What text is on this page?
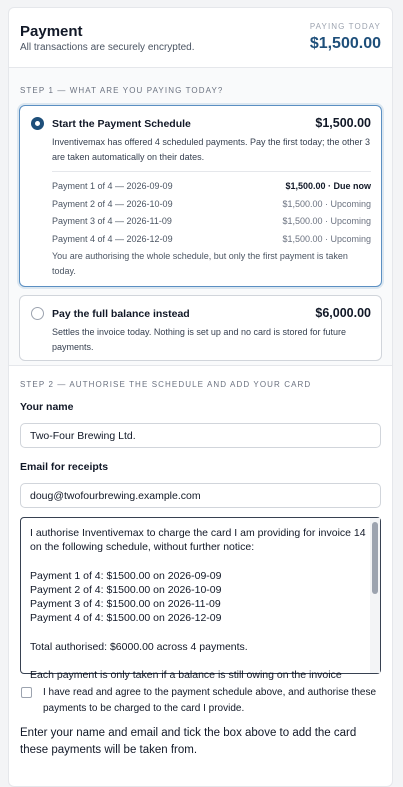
Payment
All transactions are securely encrypted.
PAYING TODAY
$1,500.00
STEP 1 — WHAT ARE YOU PAYING TODAY?
Start the Payment Schedule	$1,500.00
Inventivemax has offered 4 scheduled payments. Pay the first today; the other 3 are taken automatically on their dates.
Payment 1 of 4 — 2026-09-09	$1,500.00 · Due now
Payment 2 of 4 — 2026-10-09	$1,500.00 · Upcoming
Payment 3 of 4 — 2026-11-09	$1,500.00 · Upcoming
Payment 4 of 4 — 2026-12-09	$1,500.00 · Upcoming
You are authorising the whole schedule, but only the first payment is taken today.
Pay the full balance instead	$6,000.00
Settles the invoice today. Nothing is set up and no card is stored for future payments.
STEP 2 — AUTHORISE THE SCHEDULE AND ADD YOUR CARD
Your name
Two-Four Brewing Ltd.
Email for receipts
doug@twofourbrewing.example.com
I authorise Inventivemax to charge the card I am providing for invoice 14 on the following schedule, without further notice:

Payment 1 of 4: $1500.00 on 2026-09-09
Payment 2 of 4: $1500.00 on 2026-10-09
Payment 3 of 4: $1500.00 on 2026-11-09
Payment 4 of 4: $1500.00 on 2026-12-09

Total authorised: $6000.00 across 4 payments.

Each payment is only taken if a balance is still owing on the invoice
I have read and agree to the payment schedule above, and authorise these payments to be charged to the card I provide.
Enter your name and email and tick the box above to add the card these payments will be taken from.
